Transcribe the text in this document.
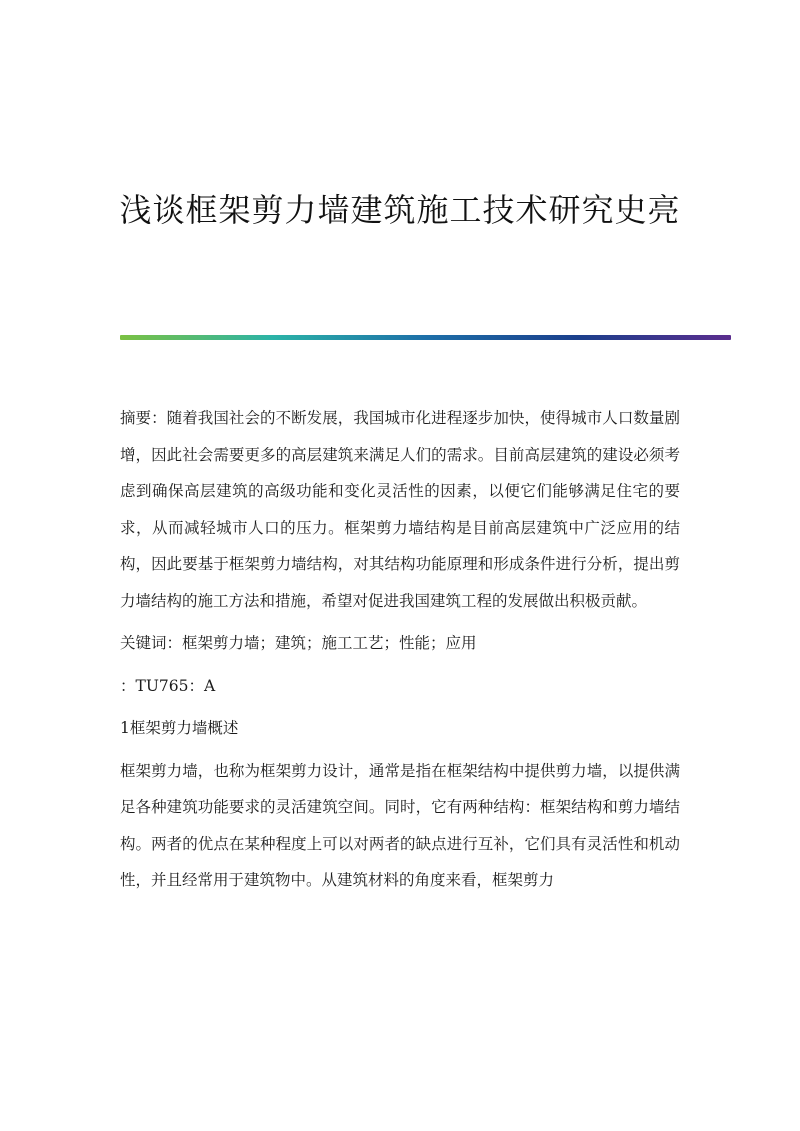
浅谈框架剪力墙建筑施工技术研究史亮

摘要：随着我国社会的不断发展，我国城市化进程逐步加快，使得城市人口数量剧增，因此社会需要更多的高层建筑来满足人们的需求。目前高层建筑的建设必须考虑到确保高层建筑的高级功能和变化灵活性的因素，以便它们能够满足住宅的要求，从而减轻城市人口的压力。框架剪力墙结构是目前高层建筑中广泛应用的结构，因此要基于框架剪力墙结构，对其结构功能原理和形成条件进行分析，提出剪力墙结构的施工方法和措施，希望对促进我国建筑工程的发展做出积极贡献。

关键词：框架剪力墙；建筑；施工工艺；性能；应用

：TU765：A

1框架剪力墙概述

框架剪力墙，也称为框架剪力设计，通常是指在框架结构中提供剪力墙，以提供满足各种建筑功能要求的灵活建筑空间。同时，它有两种结构：框架结构和剪力墙结构。两者的优点在某种程度上可以对两者的缺点进行互补，它们具有灵活性和机动性，并且经常用于建筑物中。从建筑材料的角度来看，框架剪力
